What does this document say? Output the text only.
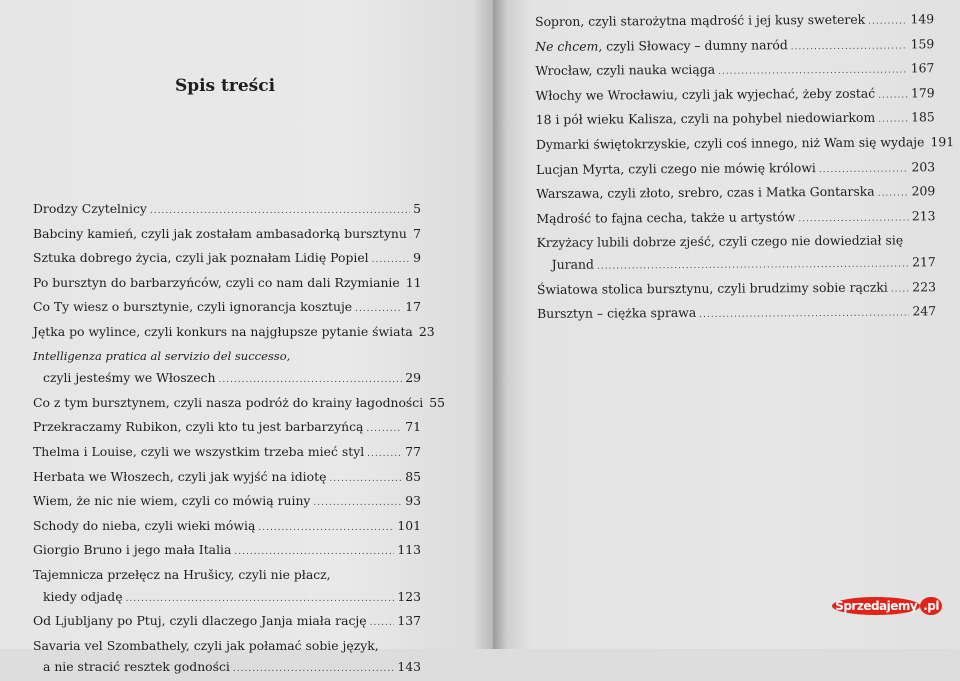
Spis treści
Drodzy Czytelnicy .....	5
Babciny kamień, czyli jak zostałam ambasadorką bursztynu ..... 7
Sztuka dobrego życia, czyli jak poznałam Lidię Popiel .....	9
Po bursztyn do barbarzyńców, czyli co nam dali Rzymianie 11
Co Ty wiesz o bursztynie, czyli ignorancja kosztuje .....	17
Jętka po wylince, czyli konkurs na najgłupsze pytanie świata 23
Intelligenza pratica al servizio del successo,
czyli jesteśmy we Włoszech .....	29
Co z tym bursztynem, czyli nasza podróż do krainy łagodności 55
Przekraczamy Rubikon, czyli kto tu jest barbarzyńcą .....	71
Thelma i Louise, czyli we wszystkim trzeba mieć styl .....	77
Herbata we Włoszech, czyli jak wyjść na idiotę .....	85
Wiem, że nic nie wiem, czyli co mówią ruiny .....	93
Schody do nieba, czyli wieki mówią .....	101
Giorgio Bruno i jego mała Italia .....	113
Tajemnicza przełęcz na Hrušicy, czyli nie płacz,
kiedy odjadę .....	123
Od Ljubljany po Ptuj, czyli dlaczego Janja miała rację ..... 137
Savaria vel Szombathely, czyli jak połamać sobie język,
a nie stracić resztek godności .....	143
Sopron, czyli starożytna mądrość i jej kusy sweterek .....	149
Ne chcem, czyli Słowacy – dumny naród .....	159
Wrocław, czyli nauka wciąga .....	167
Włochy we Wrocławiu, czyli jak wyjechać, żeby zostać .....	179
18 i pół wieku Kalisza, czyli na pohybel niedowiarkom .....	185
Dymarki świętokrzyskie, czyli coś innego, niż Wam się wydaje ..... 191
Lucjan Myrta, czyli czego nie mówię królowi .....	203
Warszawa, czyli złoto, srebro, czas i Matka Gontarska .....	209
Mądrość to fajna cecha, także u artystów .....	213
Krzyżacy lubili dobrze zjeść, czyli czego nie dowiedział się
Jurand .....	217
Światowa stolica bursztynu, czyli brudzimy sobie rączki ..... 223
Bursztyn – ciężka sprawa .....	247
$^{Sprzedajemy}$ $^{.pl}$
